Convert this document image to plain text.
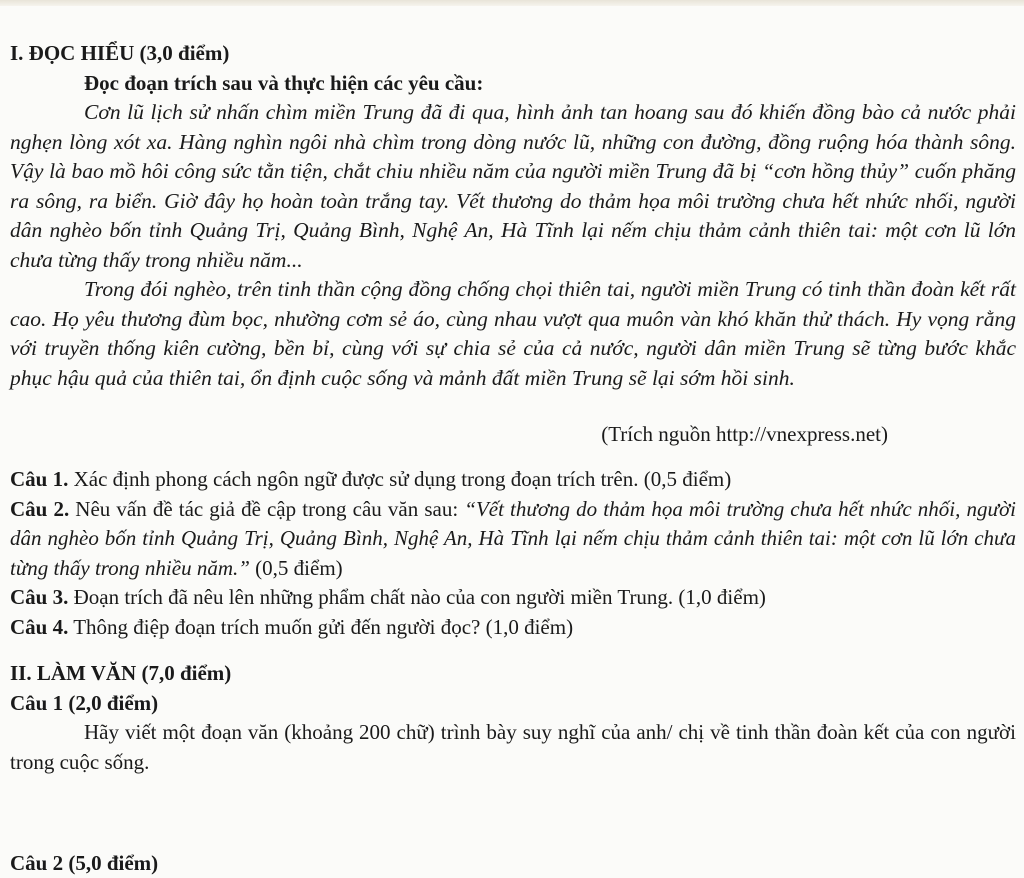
I. ĐỌC HIỂU (3,0 điểm)

Đọc đoạn trích sau và thực hiện các yêu cầu:

Cơn lũ lịch sử nhấn chìm miền Trung đã đi qua, hình ảnh tan hoang sau đó khiến đồng bào cả nước phải nghẹn lòng xót xa. Hàng nghìn ngôi nhà chìm trong dòng nước lũ, những con đường, đồng ruộng hóa thành sông. Vậy là bao mồ hôi công sức tằn tiện, chắt chiu nhiều năm của người miền Trung đã bị “cơn hồng thủy” cuốn phăng ra sông, ra biển. Giờ đây họ hoàn toàn trắng tay. Vết thương do thảm họa môi trường chưa hết nhức nhối, người dân nghèo bốn tỉnh Quảng Trị, Quảng Bình, Nghệ An, Hà Tĩnh lại nếm chịu thảm cảnh thiên tai: một cơn lũ lớn chưa từng thấy trong nhiều năm...

Trong đói nghèo, trên tinh thần cộng đồng chống chọi thiên tai, người miền Trung có tinh thần đoàn kết rất cao. Họ yêu thương đùm bọc, nhường cơm sẻ áo, cùng nhau vượt qua muôn vàn khó khăn thử thách. Hy vọng rằng với truyền thống kiên cường, bền bỉ, cùng với sự chia sẻ của cả nước, người dân miền Trung sẽ từng bước khắc phục hậu quả của thiên tai, ổn định cuộc sống và mảnh đất miền Trung sẽ lại sớm hồi sinh.

(Trích nguồn http://vnexpress.net)

Câu 1. Xác định phong cách ngôn ngữ được sử dụng trong đoạn trích trên. (0,5 điểm)

Câu 2. Nêu vấn đề tác giả đề cập trong câu văn sau: “Vết thương do thảm họa môi trường chưa hết nhức nhối, người dân nghèo bốn tỉnh Quảng Trị, Quảng Bình, Nghệ An, Hà Tĩnh lại nếm chịu thảm cảnh thiên tai: một cơn lũ lớn chưa từng thấy trong nhiều năm.” (0,5 điểm)

Câu 3. Đoạn trích đã nêu lên những phẩm chất nào của con người miền Trung. (1,0 điểm)

Câu 4. Thông điệp đoạn trích muốn gửi đến người đọc? (1,0 điểm)

II. LÀM VĂN (7,0 điểm)

Câu 1 (2,0 điểm)

Hãy viết một đoạn văn (khoảng 200 chữ) trình bày suy nghĩ của anh/ chị về tinh thần đoàn kết của con người trong cuộc sống.

Câu 2 (5,0 điểm)
